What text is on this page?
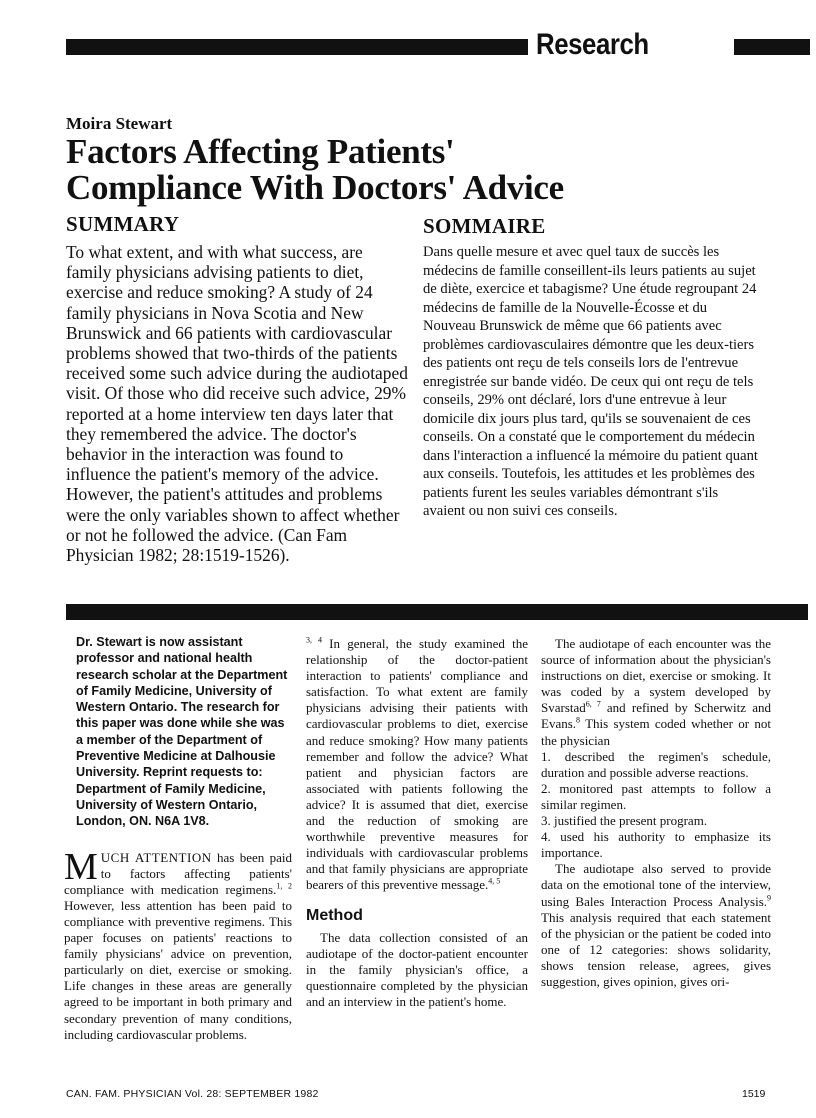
Research
Moira Stewart
Factors Affecting Patients'
Compliance With Doctors' Advice
SUMMARY

To what extent, and with what success, are family physicians advising patients to diet, exercise and reduce smoking? A study of 24 family physicians in Nova Scotia and New Brunswick and 66 patients with cardiovascular problems showed that two-thirds of the patients received some such advice during the audiotaped visit. Of those who did receive such advice, 29% reported at a home interview ten days later that they remembered the advice. The doctor's behavior in the interaction was found to influence the patient's memory of the advice. However, the patient's attitudes and problems were the only variables shown to affect whether or not he followed the advice. (Can Fam Physician 1982; 28:1519-1526).

SOMMAIRE

Dans quelle mesure et avec quel taux de succès les médecins de famille conseillent-ils leurs patients au sujet de diète, exercice et tabagisme? Une étude regroupant 24 médecins de famille de la Nouvelle-Écosse et du Nouveau Brunswick de même que 66 patients avec problèmes cardiovasculaires démontre que les deux-tiers des patients ont reçu de tels conseils lors de l'entrevue enregistrée sur bande vidéo. De ceux qui ont reçu de tels conseils, 29% ont déclaré, lors d'une entrevue à leur domicile dix jours plus tard, qu'ils se souvenaient de ces conseils. On a constaté que le comportement du médecin dans l'interaction a influencé la mémoire du patient quant aux conseils. Toutefois, les attitudes et les problèmes des patients furent les seules variables démontrant s'ils avaient ou non suivi ces conseils.

Dr. Stewart is now assistant professor and national health research scholar at the Department of Family Medicine, University of Western Ontario. The research for this paper was done while she was a member of the Department of Preventive Medicine at Dalhousie University. Reprint requests to: Department of Family Medicine, University of Western Ontario, London, ON. N6A 1V8.

MUCH ATTENTION has been paid to factors affecting patients' compliance with medication regimens.$^{1, 2}$ However, less attention has been paid to compliance with preventive regimens. This paper focuses on patients' reactions to family physicians' advice on prevention, particularly on diet, exercise or smoking. Life changes in these areas are generally agreed to be important in both primary and secondary prevention of many conditions, including cardiovascular problems.

$^{3, 4}$ In general, the study examined the relationship of the doctor-patient interaction to patients' compliance and satisfaction. To what extent are family physicians advising their patients with cardiovascular problems to diet, exercise and reduce smoking? How many patients remember and follow the advice? What patient and physician factors are associated with patients following the advice? It is assumed that diet, exercise and the reduction of smoking are worthwhile preventive measures for individuals with cardiovascular problems and that family physicians are appropriate bearers of this preventive message.$^{4, 5}$

Method

The data collection consisted of an audiotape of the doctor-patient encounter in the family physician's office, a questionnaire completed by the physician and an interview in the patient's home.

The audiotape of each encounter was the source of information about the physician's instructions on diet, exercise or smoking. It was coded by a system developed by Svarstad$^{6, 7}$ and refined by Scherwitz and Evans.$^8$ This system coded whether or not the physician

1. described the regimen's schedule, duration and possible adverse reactions.

2. monitored past attempts to follow a similar regimen.

3. justified the present program.

4. used his authority to emphasize its importance.

The audiotape also served to provide data on the emotional tone of the interview, using Bales Interaction Process Analysis.$^9$ This analysis required that each statement of the physician or the patient be coded into one of 12 categories: shows solidarity, shows tension release, agrees, gives suggestion, gives opinion, gives ori-

CAN. FAM. PHYSICIAN Vol. 28: SEPTEMBER 1982	1519
